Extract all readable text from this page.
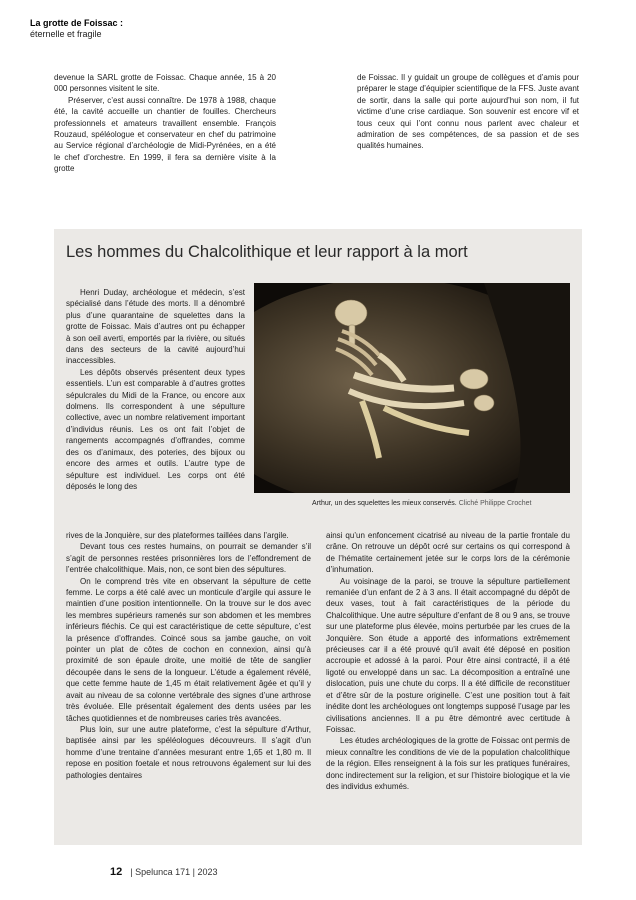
La grotte de Foissac :
éternelle et fragile

devenue la SARL grotte de Foissac. Chaque année, 15 à 20 000 personnes visitent le site.

Préserver, c’est aussi connaître. De 1978 à 1988, chaque été, la cavité accueille un chantier de fouilles. Chercheurs professionnels et amateurs travaillent ensemble. François Rouzaud, spéléologue et conservateur en chef du patrimoine au Service régional d’archéologie de Midi-Pyrénées, en a été le chef d’orchestre. En 1999, il fera sa dernière visite à la grotte

de Foissac. Il y guidait un groupe de collègues et d’amis pour préparer le stage d’équipier scientifique de la FFS. Juste avant de sortir, dans la salle qui porte aujourd’hui son nom, il fut victime d’une crise cardiaque. Son souvenir est encore vif et tous ceux qui l’ont connu nous parlent avec chaleur et admiration de ses compétences, de sa passion et de ses qualités humaines.

Les hommes du Chalcolithique et leur rapport à la mort
Arthur, un des squelettes les mieux conservés. Cliché Philippe Crochet

Henri Duday, archéologue et médecin, s’est spécialisé dans l’étude des morts. Il a dénombré plus d’une quarantaine de squelettes dans la grotte de Foissac. Mais d’autres ont pu échapper à son oeil averti, emportés par la rivière, ou situés dans des secteurs de la cavité aujourd’hui inaccessibles.

Les dépôts observés présentent deux types essentiels. L’un est comparable à d’autres grottes sépulcrales du Midi de la France, ou encore aux dolmens. Ils correspondent à une sépulture collective, avec un nombre relativement important d’individus réunis. Les os ont fait l’objet de rangements accompagnés d’offrandes, comme des os d’animaux, des poteries, des bijoux ou encore des armes et outils. L’autre type de sépulture est individuel. Les corps ont été déposés le long des

rives de la Jonquière, sur des plateformes taillées dans l’argile.

Devant tous ces restes humains, on pourrait se demander s’il s’agit de personnes restées prisonnières lors de l’effondrement de l’entrée chalcolithique. Mais, non, ce sont bien des sépultures.

On le comprend très vite en observant la sépulture de cette femme. Le corps a été calé avec un monticule d’argile qui assure le maintien d’une position intentionnelle. On la trouve sur le dos avec les membres supérieurs ramenés sur son abdomen et les membres inférieurs fléchis. Ce qui est caractéristique de cette sépulture, c’est la présence d’offrandes. Coincé sous sa jambe gauche, on voit pointer un plat de côtes de cochon en connexion, ainsi qu’à proximité de son épaule droite, une moitié de tête de sanglier découpée dans le sens de la longueur. L’étude a également révélé, que cette femme haute de 1,45 m était relativement âgée et qu’il y avait au niveau de sa colonne vertébrale des signes d’une arthrose très évoluée. Elle présentait également des dents usées par les tâches quotidiennes et de nombreuses caries très avancées.

Plus loin, sur une autre plateforme, c’est la sépulture d’Arthur, baptisée ainsi par les spéléologues découvreurs. Il s’agit d’un homme d’une trentaine d’années mesurant entre 1,65 et 1,80 m. Il repose en position foetale et nous retrouvons également sur lui des pathologies dentaires

ainsi qu’un enfoncement cicatrisé au niveau de la partie frontale du crâne. On retrouve un dépôt ocré sur certains os qui correspond à de l’hématite certainement jetée sur le corps lors de la cérémonie d’inhumation.

Au voisinage de la paroi, se trouve la sépulture partiellement remaniée d’un enfant de 2 à 3 ans. Il était accompagné du dépôt de deux vases, tout à fait caractéristiques de la période du Chalcolithique. Une autre sépulture d’enfant de 8 ou 9 ans, se trouve sur une plateforme plus élevée, moins perturbée par les crues de la Jonquière. Son étude a apporté des informations extrêmement précieuses car il a été prouvé qu’il avait été déposé en position accroupie et adossé à la paroi. Pour être ainsi contracté, il a été ligoté ou enveloppé dans un sac. La décomposition a entraîné une dislocation, puis une chute du corps. Il a été difficile de reconstituer et d’être sûr de la posture originelle. C’est une position tout à fait inédite dont les archéologues ont longtemps supposé l’usage par les civilisations anciennes. Il a pu être démontré avec certitude à Foissac.

Les études archéologiques de la grotte de Foissac ont permis de mieux connaître les conditions de vie de la population chalcolithique de la région. Elles renseignent à la fois sur les pratiques funéraires, donc indirectement sur la religion, et sur l’histoire biologique et la vie des individus exhumés.

12 | Spelunca 171 | 2023
